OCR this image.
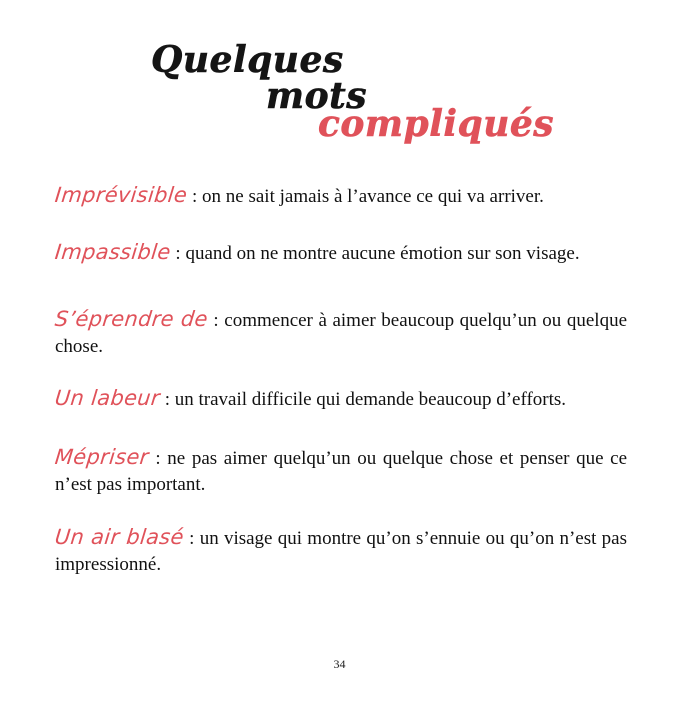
Quelques
mots
compliqués
Imprévisible : on ne sait jamais à l’avance ce qui va arriver.
Impassible : quand on ne montre aucune émotion sur son visage.
S’éprendre de : commencer à aimer beaucoup quelqu’un ou quelque chose.
Un labeur : un travail difficile qui demande beaucoup d’efforts.
Mépriser : ne pas aimer quelqu’un ou quelque chose et penser que ce n’est pas important.
Un air blasé : un visage qui montre qu’on s’ennuie ou qu’on n’est pas impressionné.
34
